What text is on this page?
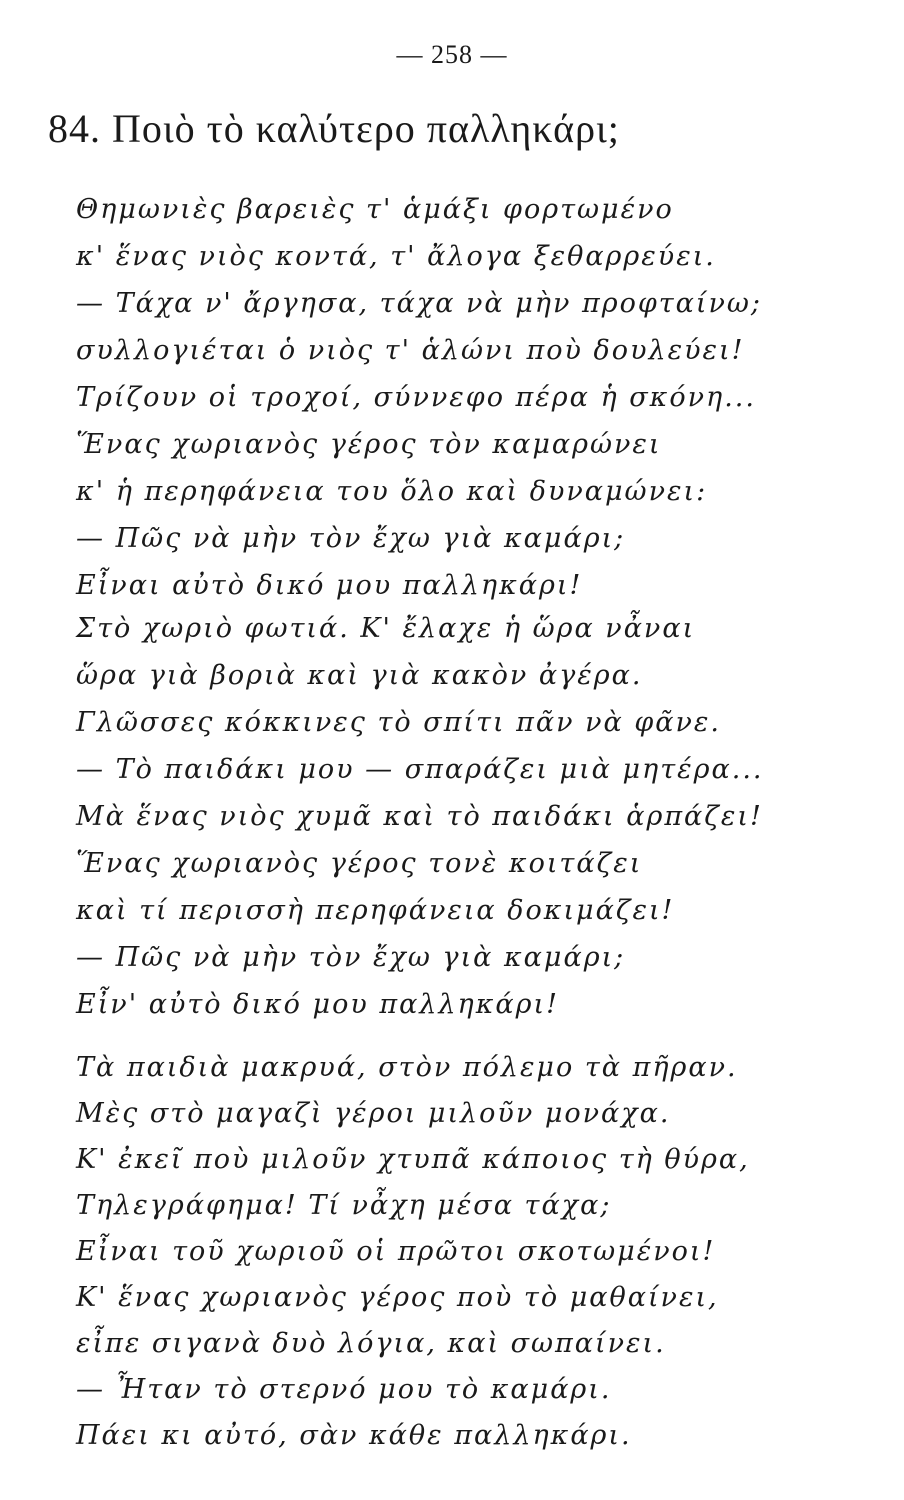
— 258 —
84. Ποιὸ τὸ καλύτερο παλληκάρι;
Θημωνιὲς βαρειὲς τ' ἁμάξι φορτωμένο
κ' ἕνας νιὸς κοντά, τ' ἄλογα ξεθαρρεύει.
— Τάχα ν' ἄργησα, τάχα νὰ μὴν προφταίνω;
συλλογιέται ὁ νιὸς τ' ἁλώνι ποὺ δουλεύει!
Τρίζουν οἱ τροχοί, σύννεφο πέρα ἡ σκόνη...
Ἕνας χωριανὸς γέρος τὸν καμαρώνει
κ' ἡ περηφάνεια του ὅλο καὶ δυναμώνει:
— Πῶς νὰ μὴν τὸν ἔχω γιὰ καμάρι;
Εἶναι αὐτὸ δικό μου παλληκάρι!
Στὸ χωριὸ φωτιά. Κ' ἔλαχε ἡ ὥρα νἆναι
ὥρα γιὰ βοριὰ καὶ γιὰ κακὸν ἀγέρα.
Γλῶσσες κόκκινες τὸ σπίτι πᾶν νὰ φᾶνε.
— Τὸ παιδάκι μου — σπαράζει μιὰ μητέρα...
Μὰ ἕνας νιὸς χυμᾶ καὶ τὸ παιδάκι ἁρπάζει!
Ἕνας χωριανὸς γέρος τονὲ κοιτάζει
καὶ τί περισσὴ περηφάνεια δοκιμάζει!
— Πῶς νὰ μὴν τὸν ἔχω γιὰ καμάρι;
Εἶν' αὐτὸ δικό μου παλληκάρι!
Τὰ παιδιὰ μακρυά, στὸν πόλεμο τὰ πῆραν.
Μὲς στὸ μαγαζὶ γέροι μιλοῦν μονάχα.
Κ' ἐκεῖ ποὺ μιλοῦν χτυπᾶ κάποιος τὴ θύρα,
Τηλεγράφημα! Τί νἆχη μέσα τάχα;
Εἶναι τοῦ χωριοῦ οἱ πρῶτοι σκοτωμένοι!
Κ' ἕνας χωριανὸς γέρος ποὺ τὸ μαθαίνει,
εἶπε σιγανὰ δυὸ λόγια, καὶ σωπαίνει.
— Ἦταν τὸ στερνό μου τὸ καμάρι.
Πάει κι αὐτό, σὰν κάθε παλληκάρι.
